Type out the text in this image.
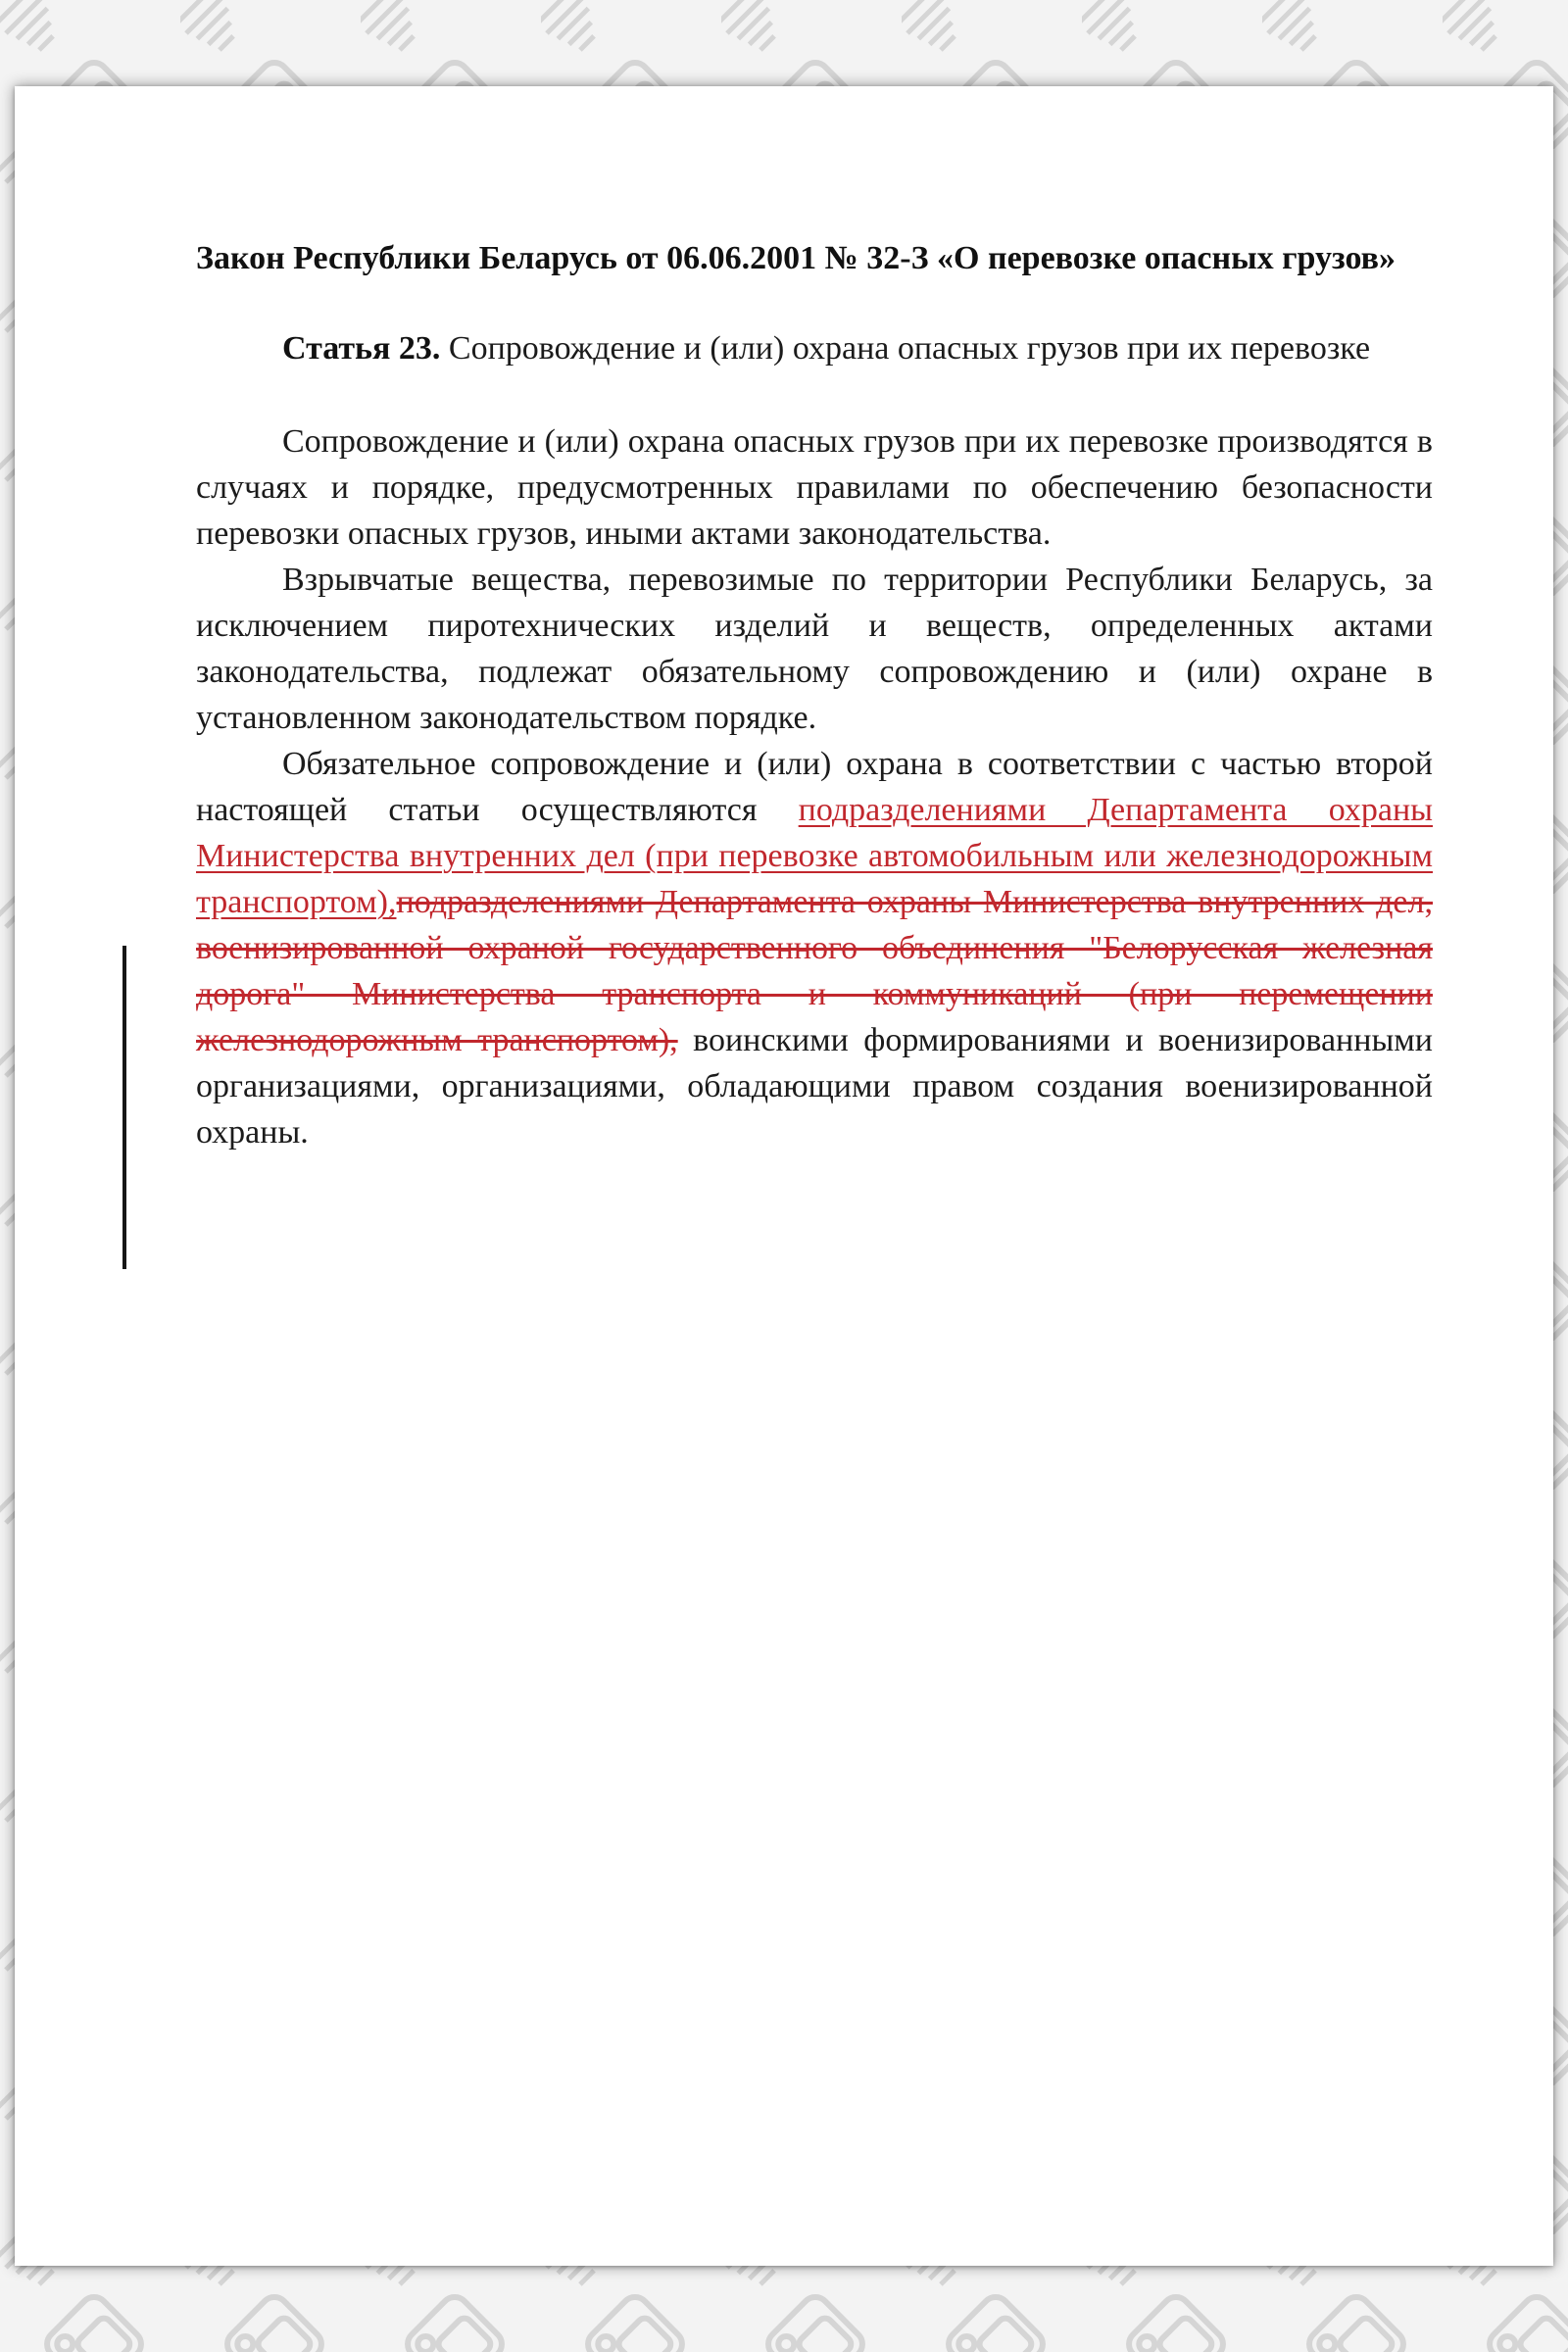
Закон Республики Беларусь от 06.06.2001 № 32-З «О перевозке опасных грузов»

Статья 23. Сопровождение и (или) охрана опасных грузов при их перевозке

Сопровождение и (или) охрана опасных грузов при их перевозке производятся в случаях и порядке, предусмотренных правилами по обеспечению безопасности перевозки опасных грузов, иными актами законодательства.

Взрывчатые вещества, перевозимые по территории Республики Беларусь, за исключением пиротехнических изделий и веществ, определенных актами законодательства, подлежат обязательному сопровождению и (или) охране в установленном законодательством порядке.

Обязательное сопровождение и (или) охрана в соответствии с частью второй настоящей статьи осуществляются подразделениями Департамента охраны Министерства внутренних дел (при перевозке автомобильным или железнодорожным транспортом),подразделениями Департамента охраны Министерства внутренних дел, военизированной охраной государственного объединения "Белорусская железная дорога" Министерства транспорта и коммуникаций (при перемещении железнодорожным транспортом), воинскими формированиями и военизированными организациями, организациями, обладающими правом создания военизированной охраны.
